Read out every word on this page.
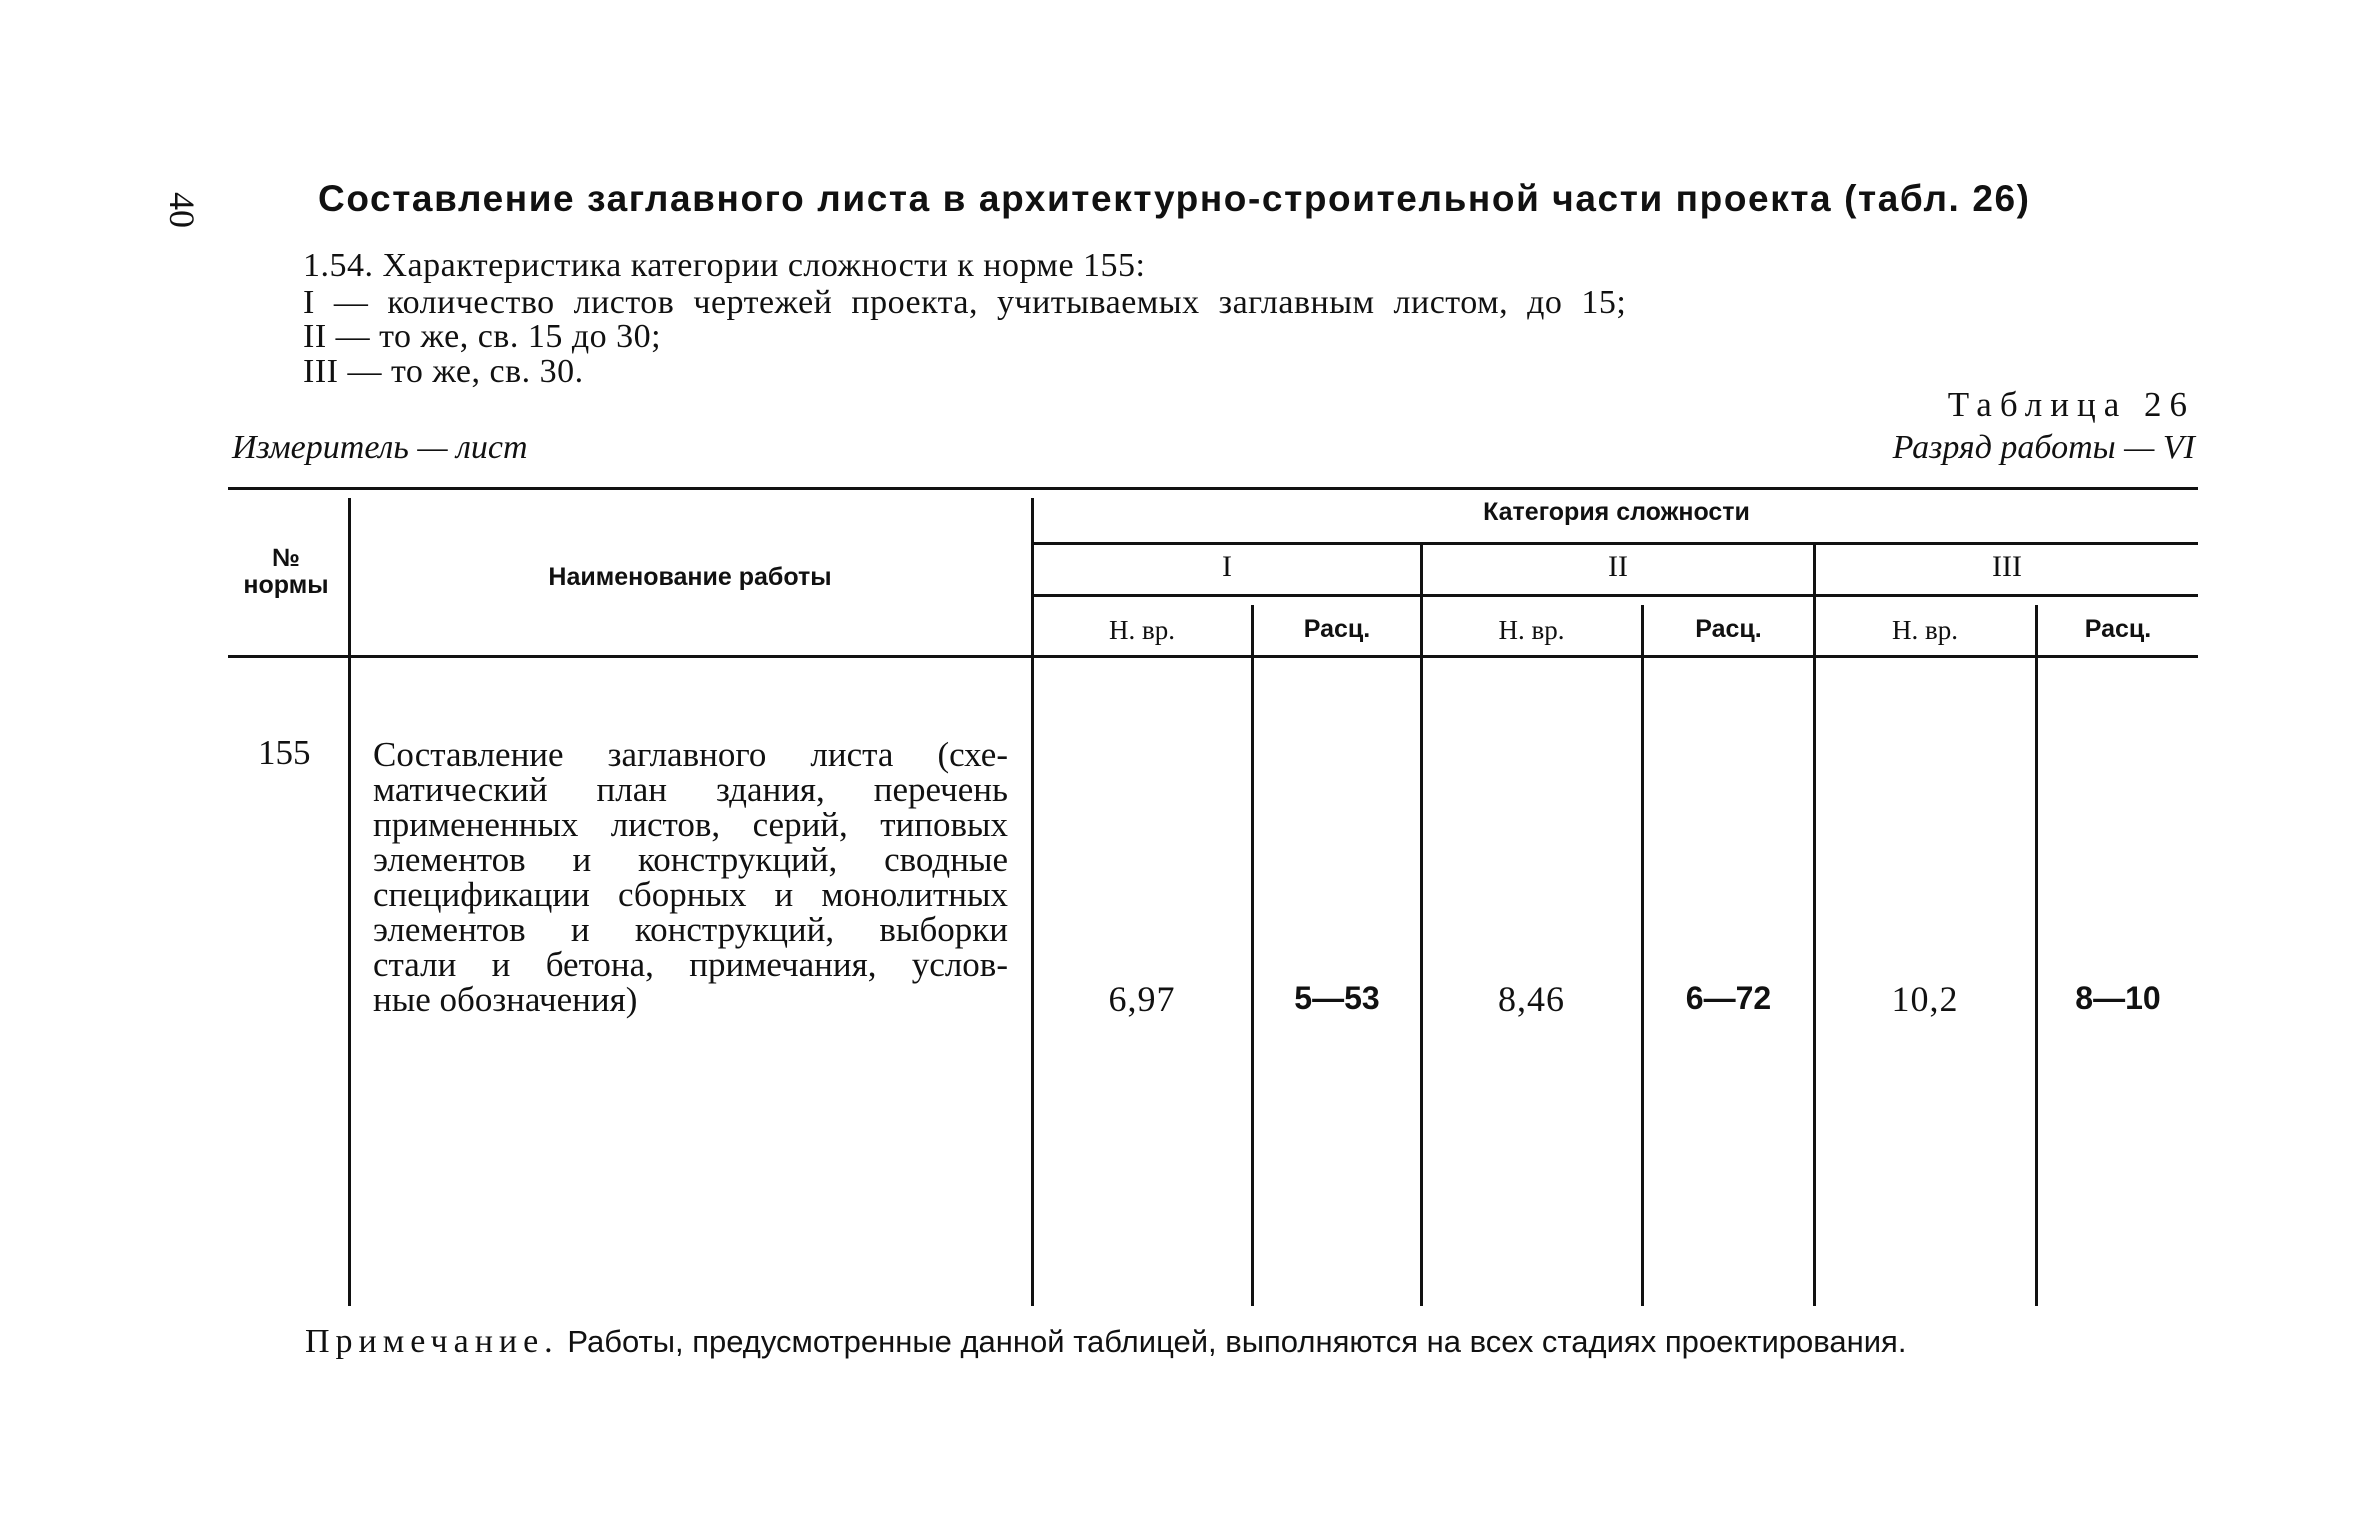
40	Составление заглавного листа в архитектурно-строительной части проекта (табл. 26)
1.54. Характеристика категории сложности к норме 155:
I — количество листов чертежей проекта, учитываемых заглавным листом, до 15;
II — то же, св. 15 до 30;
III — то же, св. 30.
Таблица 26
Измеритель — лист	Разряд работы — VI
№ нормы	Наименование работы
Категория сложности
I	II	III
Н. вр.	Расц.	Н. вр.	Расц.	Н. вр.	Расц.
155 Составление заглавного листа (схе-
матический план здания, перечень
примененных листов, серий, типовых
элементов и конструкций, сводные
спецификации сборных и монолитных
элементов и конструкций, выборки
стали и бетона, примечания, услов-
ные обозначения)	6,97	5—53	8,46	6—72	10,2	8—10
Примечание. Работы, предусмотренные данной таблицей, выполняются на всех стадиях проектирования.
